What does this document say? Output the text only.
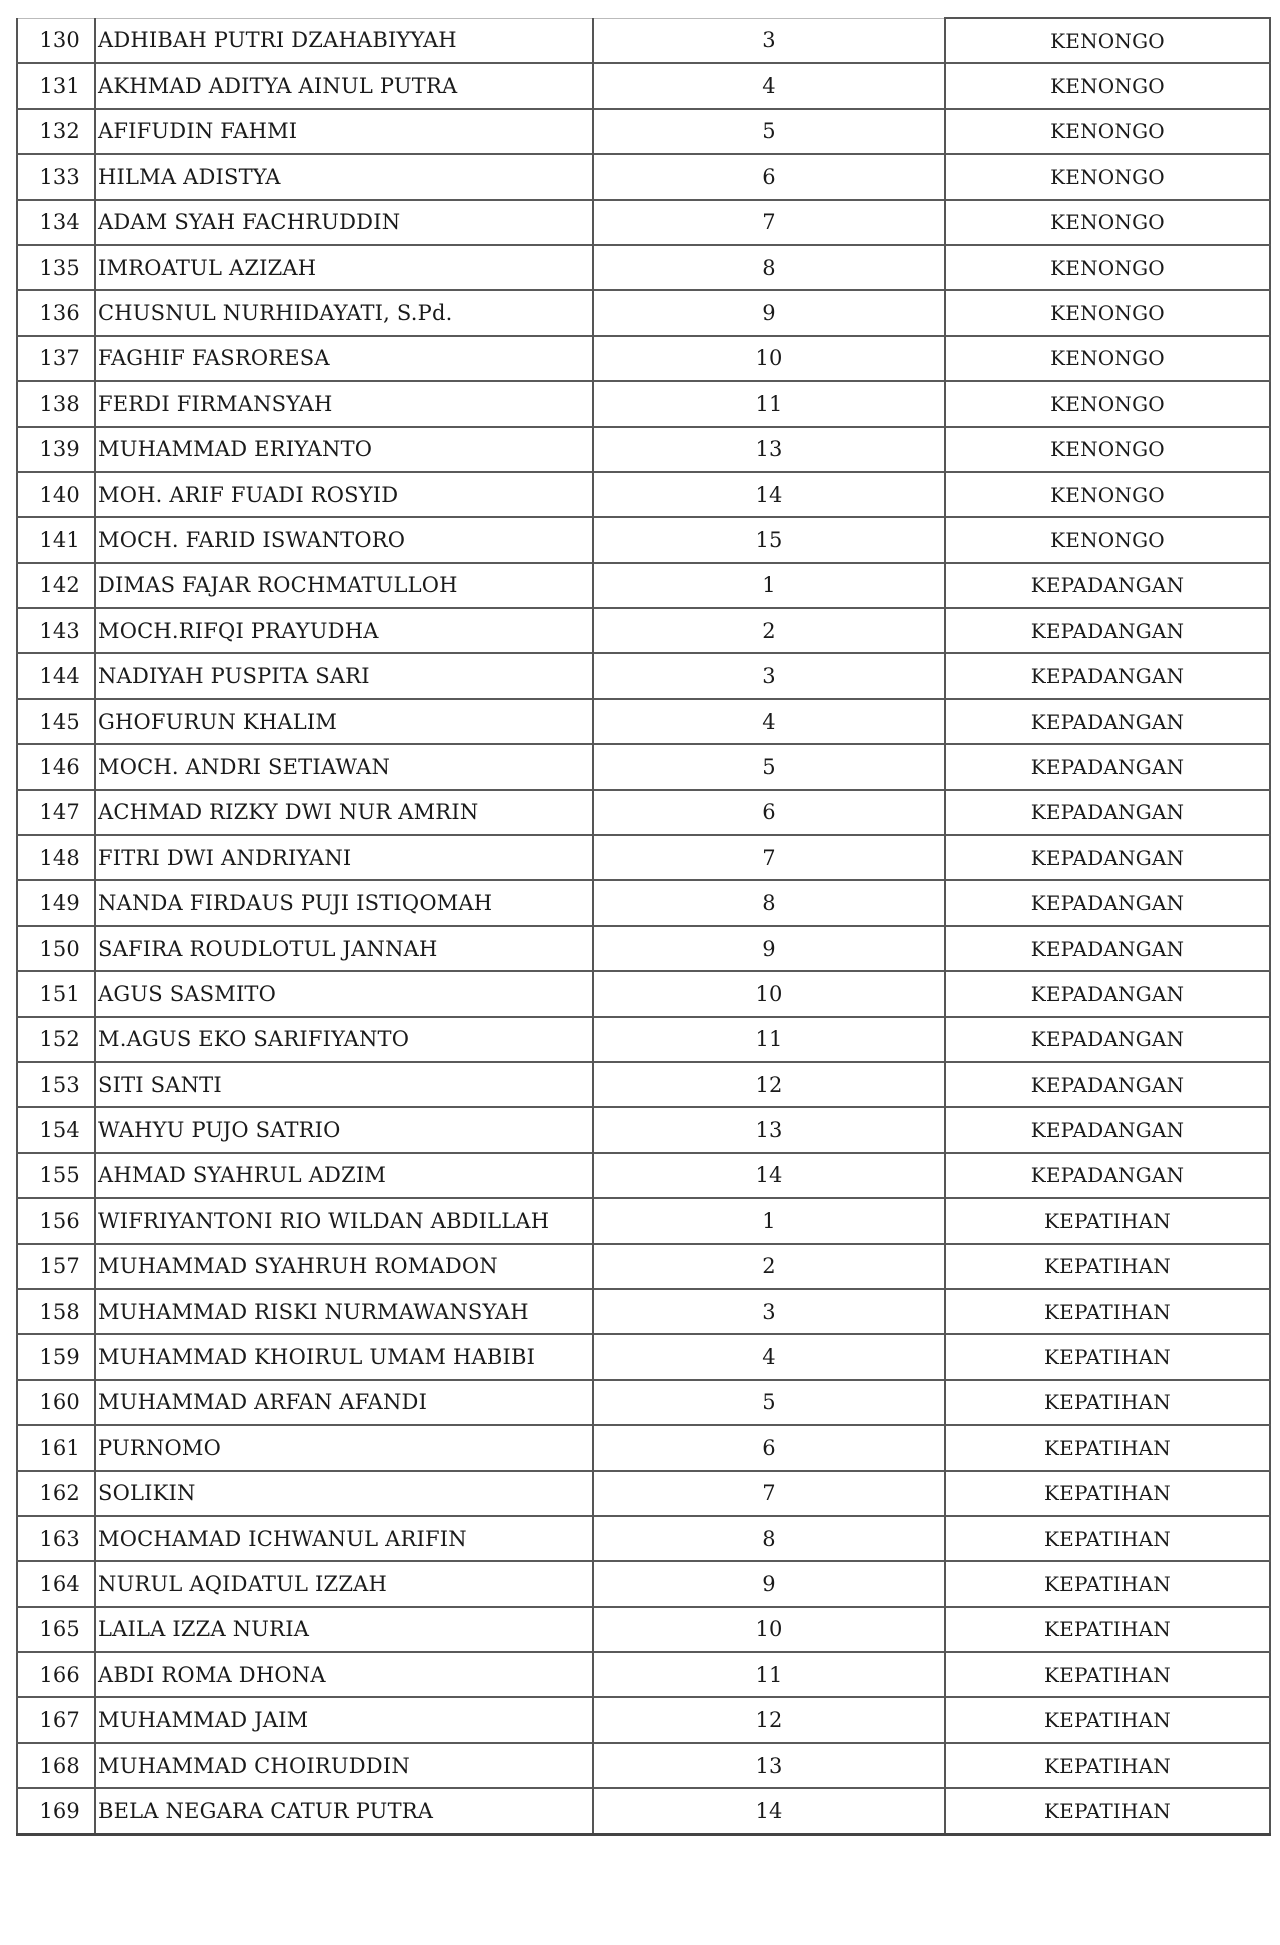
130	ADHIBAH PUTRI DZAHABIYYAH	3	KENONGO
131	AKHMAD ADITYA AINUL PUTRA	4	KENONGO
132	AFIFUDIN FAHMI	5	KENONGO
133	HILMA ADISTYA	6	KENONGO
134	ADAM SYAH FACHRUDDIN	7	KENONGO
135	IMROATUL AZIZAH	8	KENONGO
136	CHUSNUL NURHIDAYATI, S.Pd.	9	KENONGO
137	FAGHIF FASRORESA	10	KENONGO
138	FERDI FIRMANSYAH	11	KENONGO
139	MUHAMMAD ERIYANTO	13	KENONGO
140	MOH. ARIF FUADI ROSYID	14	KENONGO
141	MOCH. FARID ISWANTORO	15	KENONGO
142	DIMAS FAJAR ROCHMATULLOH	1	KEPADANGAN
143	MOCH.RIFQI PRAYUDHA	2	KEPADANGAN
144	NADIYAH PUSPITA SARI	3	KEPADANGAN
145	GHOFURUN KHALIM	4	KEPADANGAN
146	MOCH. ANDRI SETIAWAN	5	KEPADANGAN
147	ACHMAD RIZKY DWI NUR AMRIN	6	KEPADANGAN
148	FITRI DWI ANDRIYANI	7	KEPADANGAN
149	NANDA FIRDAUS PUJI ISTIQOMAH	8	KEPADANGAN
150	SAFIRA ROUDLOTUL JANNAH	9	KEPADANGAN
151	AGUS SASMITO	10	KEPADANGAN
152	M.AGUS EKO SARIFIYANTO	11	KEPADANGAN
153	SITI SANTI	12	KEPADANGAN
154	WAHYU PUJO SATRIO	13	KEPADANGAN
155	AHMAD SYAHRUL ADZIM	14	KEPADANGAN
156	WIFRIYANTONI RIO WILDAN ABDILLAH	1	KEPATIHAN
157	MUHAMMAD SYAHRUH ROMADON	2	KEPATIHAN
158	MUHAMMAD RISKI NURMAWANSYAH	3	KEPATIHAN
159	MUHAMMAD KHOIRUL UMAM HABIBI	4	KEPATIHAN
160	MUHAMMAD ARFAN AFANDI	5	KEPATIHAN
161	PURNOMO	6	KEPATIHAN
162	SOLIKIN	7	KEPATIHAN
163	MOCHAMAD ICHWANUL ARIFIN	8	KEPATIHAN
164	NURUL AQIDATUL IZZAH	9	KEPATIHAN
165	LAILA IZZA NURIA	10	KEPATIHAN
166	ABDI ROMA DHONA	11	KEPATIHAN
167	MUHAMMAD JAIM	12	KEPATIHAN
168	MUHAMMAD CHOIRUDDIN	13	KEPATIHAN
169	BELA NEGARA CATUR PUTRA	14	KEPATIHAN
